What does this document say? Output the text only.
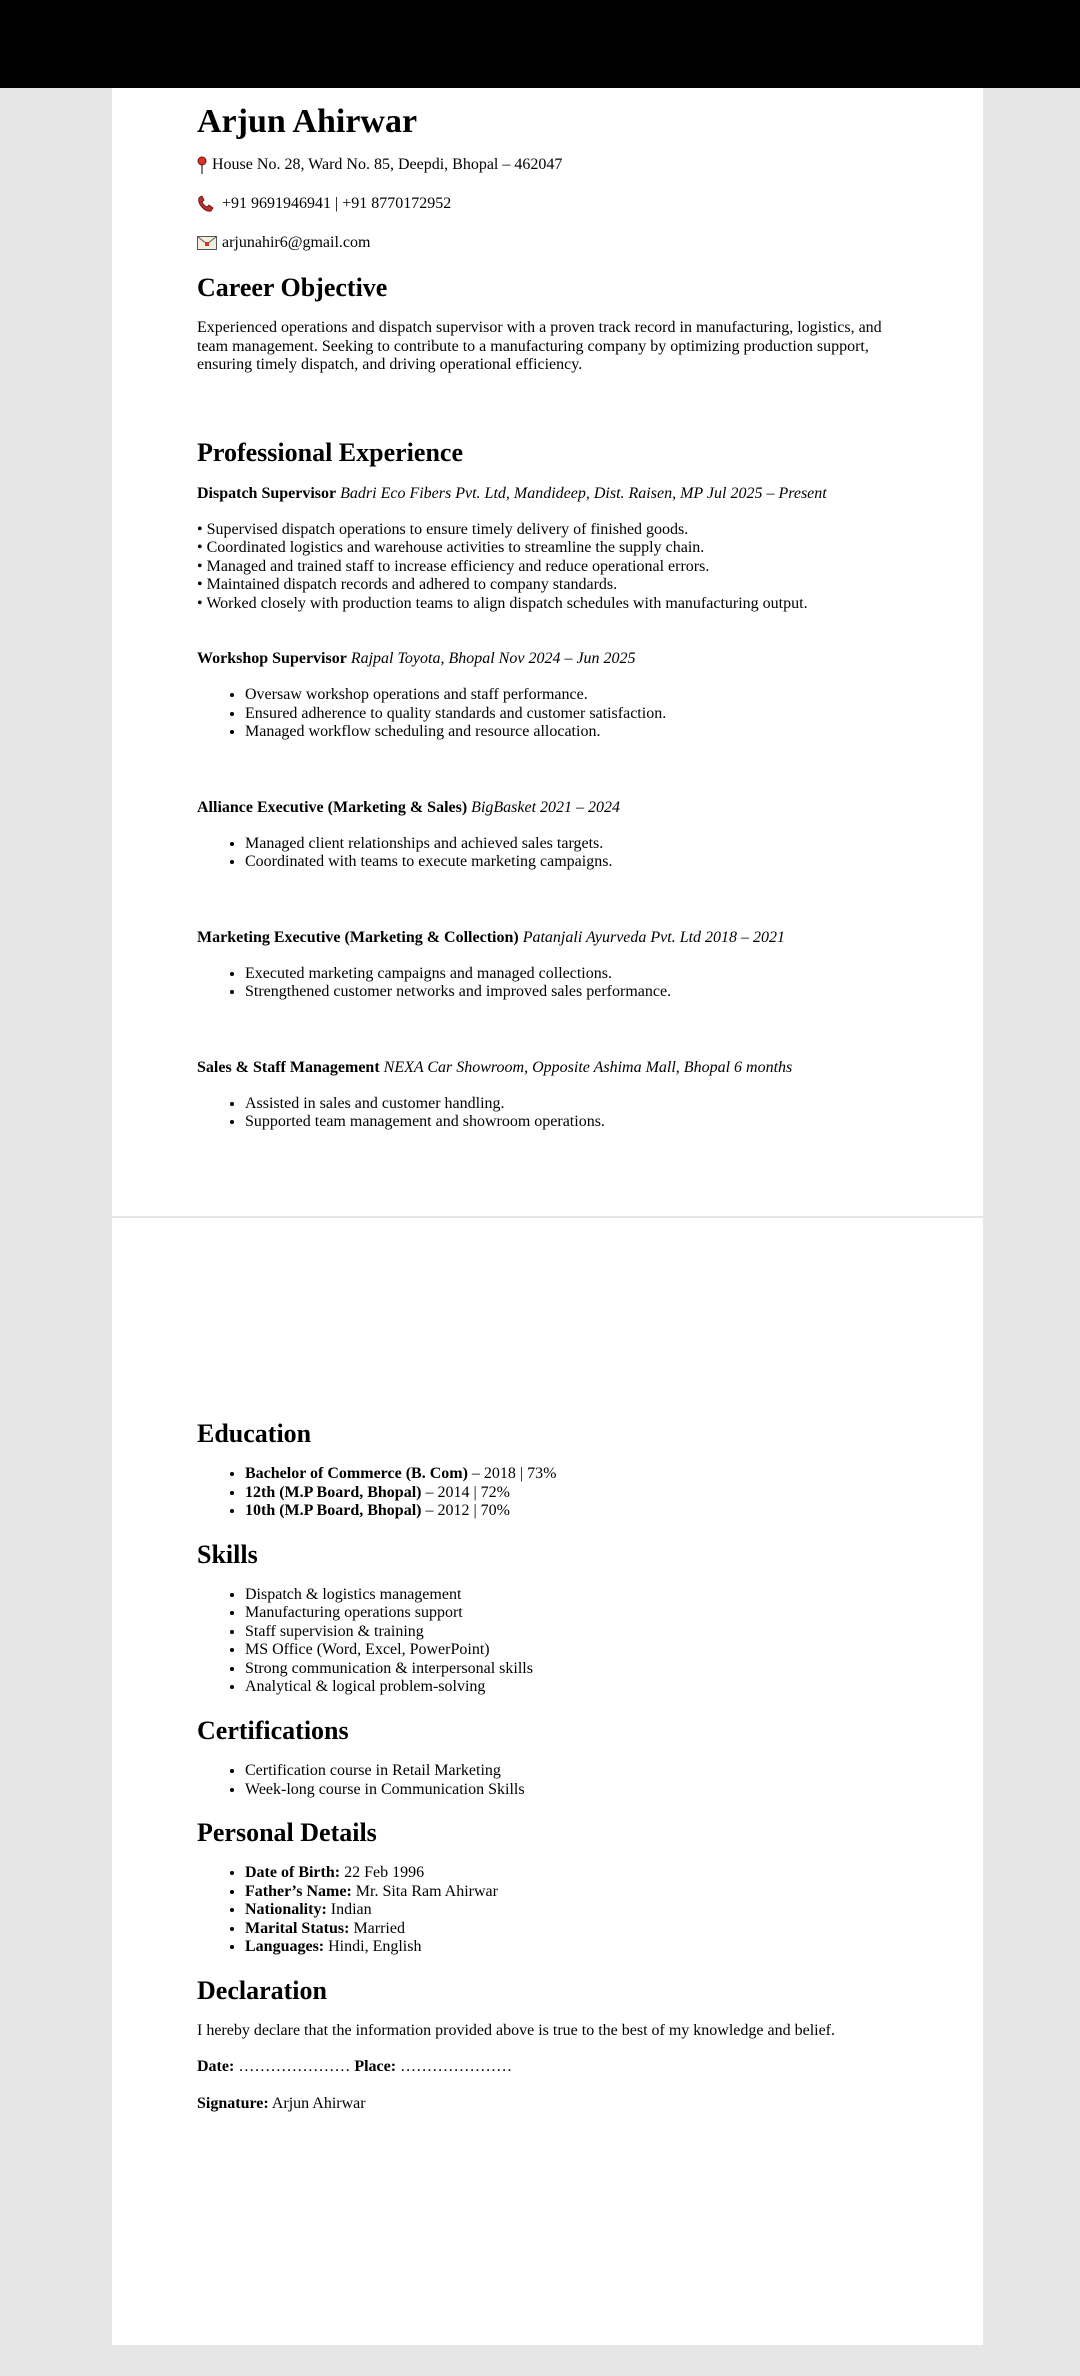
Arjun Ahirwar
House No. 28, Ward No. 85, Deepdi, Bhopal – 462047
+91 9691946941 | +91 8770172952
arjunahir6@gmail.com
Career Objective

Experienced operations and dispatch supervisor with a proven track record in manufacturing, logistics, and team management. Seeking to contribute to a manufacturing company by optimizing production support, ensuring timely dispatch, and driving operational efficiency.

Professional Experience
Dispatch Supervisor Badri Eco Fibers Pvt. Ltd, Mandideep, Dist. Raisen, MP Jul 2025 – Present
• Supervised dispatch operations to ensure timely delivery of finished goods.
• Coordinated logistics and warehouse activities to streamline the supply chain.
• Managed and trained staff to increase efficiency and reduce operational errors.
• Maintained dispatch records and adhered to company standards.
• Worked closely with production teams to align dispatch schedules with manufacturing output.
Workshop Supervisor Rajpal Toyota, Bhopal Nov 2024 – Jun 2025
• Oversaw workshop operations and staff performance.
• Ensured adherence to quality standards and customer satisfaction.
• Managed workflow scheduling and resource allocation.
Alliance Executive (Marketing & Sales) BigBasket 2021 – 2024
• Managed client relationships and achieved sales targets.
• Coordinated with teams to execute marketing campaigns.
Marketing Executive (Marketing & Collection) Patanjali Ayurveda Pvt. Ltd 2018 – 2021
• Executed marketing campaigns and managed collections.
• Strengthened customer networks and improved sales performance.
Sales & Staff Management NEXA Car Showroom, Opposite Ashima Mall, Bhopal 6 months
• Assisted in sales and customer handling.
• Supported team management and showroom operations.
Education
• Bachelor of Commerce (B. Com) – 2018 | 73%
• 12th (M.P Board, Bhopal) – 2014 | 72%
• 10th (M.P Board, Bhopal) – 2012 | 70%
Skills
• Dispatch & logistics management
• Manufacturing operations support
• Staff supervision & training
• MS Office (Word, Excel, PowerPoint)
• Strong communication & interpersonal skills
• Analytical & logical problem-solving
Certifications
• Certification course in Retail Marketing
• Week-long course in Communication Skills
Personal Details
• Date of Birth: 22 Feb 1996
• Father’s Name: Mr. Sita Ram Ahirwar
• Nationality: Indian
• Marital Status: Married
• Languages: Hindi, English
Declaration

I hereby declare that the information provided above is true to the best of my knowledge and belief.

Date: ………………… Place: …………………

Signature: Arjun Ahirwar
